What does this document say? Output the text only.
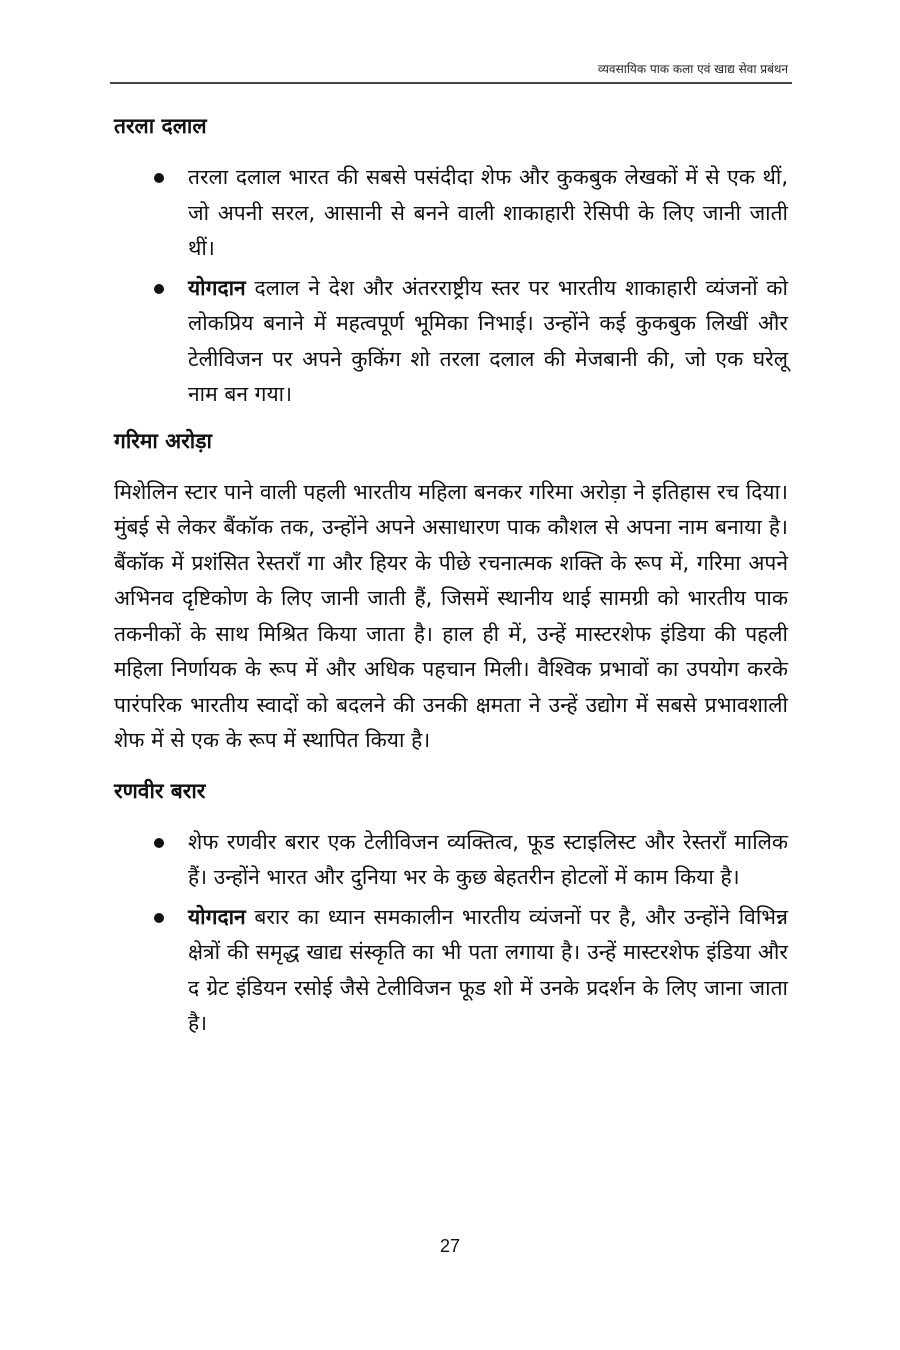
व्यवसायिक पाक कला एवं खाद्य सेवा प्रबंधन
तरला दलाल
तरला दलाल भारत की सबसे पसंदीदा शेफ और कुकबुक लेखकों में से एक थीं, जो अपनी सरल, आसानी से बनने वाली शाकाहारी रेसिपी के लिए जानी जाती थीं।
योगदान दलाल ने देश और अंतरराष्ट्रीय स्तर पर भारतीय शाकाहारी व्यंजनों को लोकप्रिय बनाने में महत्वपूर्ण भूमिका निभाई। उन्होंने कई कुकबुक लिखीं और टेलीविजन पर अपने कुकिंग शो तरला दलाल की मेजबानी की, जो एक घरेलू नाम बन गया।
गरिमा अरोड़ा

मिशेलिन स्टार पाने वाली पहली भारतीय महिला बनकर गरिमा अरोड़ा ने इतिहास रच दिया। मुंबई से लेकर बैंकॉक तक, उन्होंने अपने असाधारण पाक कौशल से अपना नाम बनाया है। बैंकॉक में प्रशंसित रेस्तराँ गा और हियर के पीछे रचनात्मक शक्ति के रूप में, गरिमा अपने अभिनव दृष्टिकोण के लिए जानी जाती हैं, जिसमें स्थानीय थाई सामग्री को भारतीय पाक तकनीकों के साथ मिश्रित किया जाता है। हाल ही में, उन्हें मास्टरशेफ इंडिया की पहली महिला निर्णायक के रूप में और अधिक पहचान मिली। वैश्विक प्रभावों का उपयोग करके पारंपरिक भारतीय स्वादों को बदलने की उनकी क्षमता ने उन्हें उद्योग में सबसे प्रभावशाली शेफ में से एक के रूप में स्थापित किया है।

रणवीर बरार
शेफ रणवीर बरार एक टेलीविजन व्यक्तित्व, फूड स्टाइलिस्ट और रेस्तराँ मालिक हैं। उन्होंने भारत और दुनिया भर के कुछ बेहतरीन होटलों में काम किया है।
योगदान बरार का ध्यान समकालीन भारतीय व्यंजनों पर है, और उन्होंने विभिन्न क्षेत्रों की समृद्ध खाद्य संस्कृति का भी पता लगाया है। उन्हें मास्टरशेफ इंडिया और द ग्रेट इंडियन रसोई जैसे टेलीविजन फूड शो में उनके प्रदर्शन के लिए जाना जाता है।
27
